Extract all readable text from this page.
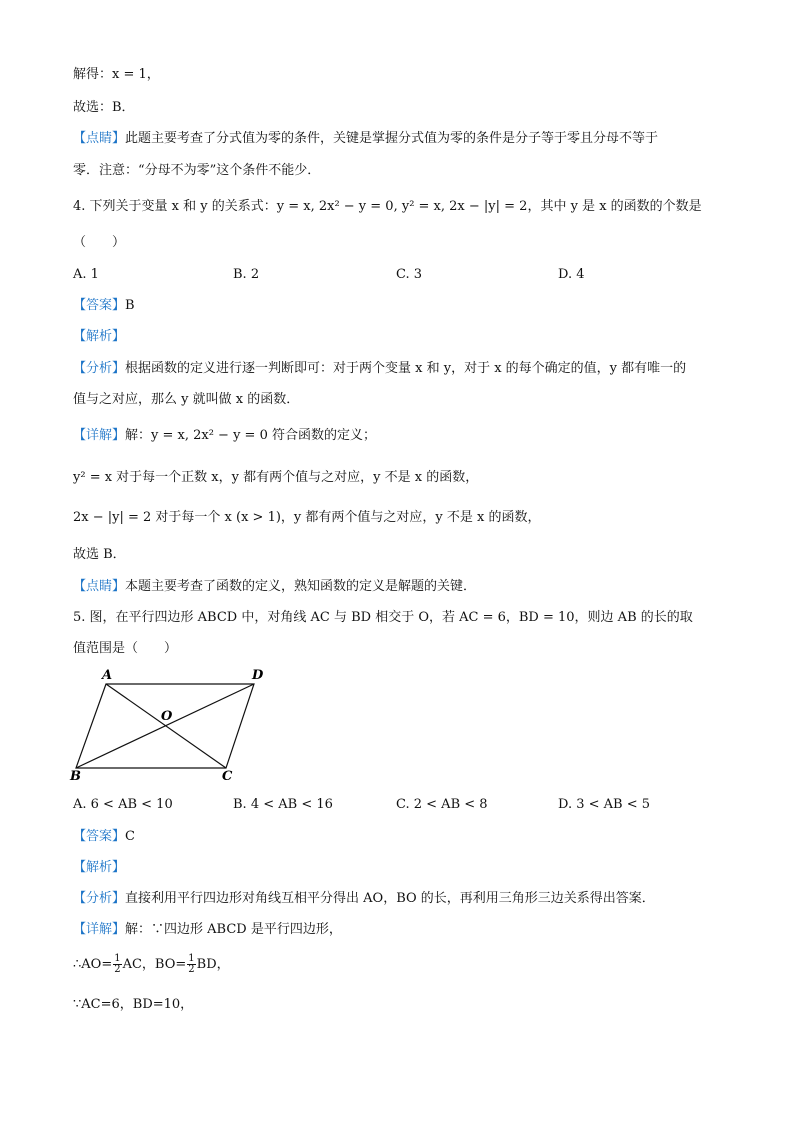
解得：x = 1，
故选：B．
【点睛】此题主要考查了分式值为零的条件，关键是掌握分式值为零的条件是分子等于零且分母不等于
零．注意：“分母不为零”这个条件不能少．
4. 下列关于变量 x 和 y 的关系式：y = x, 2x² − y = 0, y² = x, 2x − |y| = 2，其中 y 是 x 的函数的个数是
（　　）
A. 1	B. 2	C. 3	D. 4
【答案】B
【解析】
【分析】根据函数的定义进行逐一判断即可：对于两个变量 x 和 y，对于 x 的每个确定的值，y 都有唯一的
值与之对应，那么 y 就叫做 x 的函数．
【详解】解：y = x, 2x² − y = 0 符合函数的定义；
y² = x 对于每一个正数 x，y 都有两个值与之对应，y 不是 x 的函数，
2x − |y| = 2 对于每一个 x (x > 1)，y 都有两个值与之对应，y 不是 x 的函数，
故选 B．
【点睛】本题主要考查了函数的定义，熟知函数的定义是解题的关键．
5. 图，在平行四边形 ABCD 中，对角线 AC 与 BD 相交于 O，若 AC = 6，BD = 10，则边 AB 的长的取
值范围是（　　）
A	D
O
B	C
A. 6 < AB < 10	B. 4 < AB < 16	C. 2 < AB < 8	D. 3 < AB < 5
【答案】C
【解析】
【分析】直接利用平行四边形对角线互相平分得出 AO，BO 的长，再利用三角形三边关系得出答案．
【详解】解：∵四边形 ABCD 是平行四边形，
∴AO= $\frac{1}{2}$ AC，$BO= \frac{1}{2}$ BD，
∵AC=6，BD=10，
